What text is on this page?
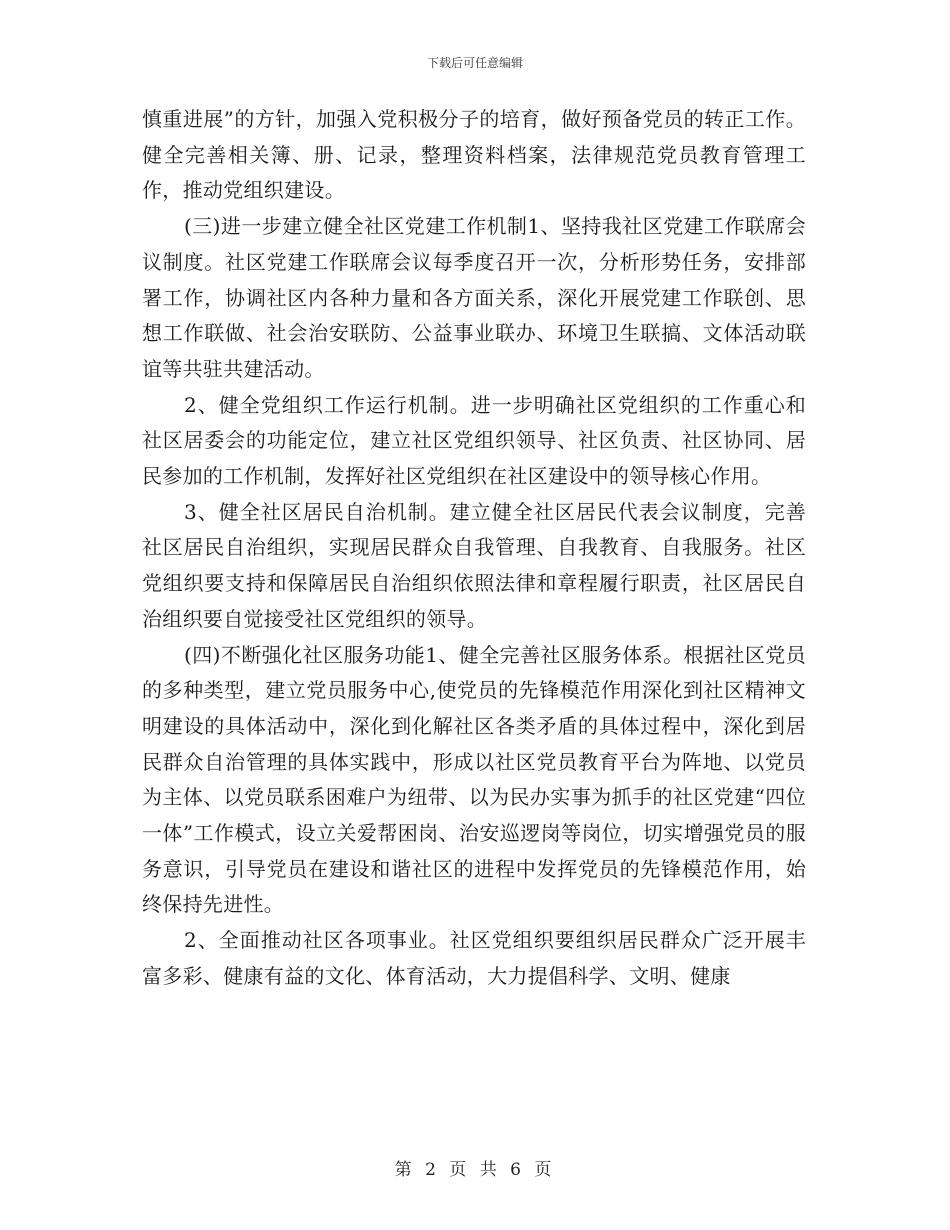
下载后可任意编辑

慎重进展”的方针，加强入党积极分子的培育，做好预备党员的转正工作。健全完善相关簿、册、记录，整理资料档案，法律规范党员教育管理工作，推动党组织建设。

(三)进一步建立健全社区党建工作机制1、坚持我社区党建工作联席会议制度。社区党建工作联席会议每季度召开一次，分析形势任务，安排部署工作，协调社区内各种力量和各方面关系，深化开展党建工作联创、思想工作联做、社会治安联防、公益事业联办、环境卫生联搞、文体活动联谊等共驻共建活动。

2、健全党组织工作运行机制。进一步明确社区党组织的工作重心和社区居委会的功能定位，建立社区党组织领导、社区负责、社区协同、居民参加的工作机制，发挥好社区党组织在社区建设中的领导核心作用。

3、健全社区居民自治机制。建立健全社区居民代表会议制度，完善社区居民自治组织，实现居民群众自我管理、自我教育、自我服务。社区党组织要支持和保障居民自治组织依照法律和章程履行职责，社区居民自治组织要自觉接受社区党组织的领导。

(四)不断强化社区服务功能1、健全完善社区服务体系。根据社区党员的多种类型，建立党员服务中心,使党员的先锋模范作用深化到社区精神文明建设的具体活动中，深化到化解社区各类矛盾的具体过程中，深化到居民群众自治管理的具体实践中，形成以社区党员教育平台为阵地、以党员为主体、以党员联系困难户为纽带、以为民办实事为抓手的社区党建“四位一体”工作模式，设立关爱帮困岗、治安巡逻岗等岗位，切实增强党员的服务意识，引导党员在建设和谐社区的进程中发挥党员的先锋模范作用，始终保持先进性。

2、全面推动社区各项事业。社区党组织要组织居民群众广泛开展丰富多彩、健康有益的文化、体育活动，大力提倡科学、文明、健康

第 2 页 共 6 页
